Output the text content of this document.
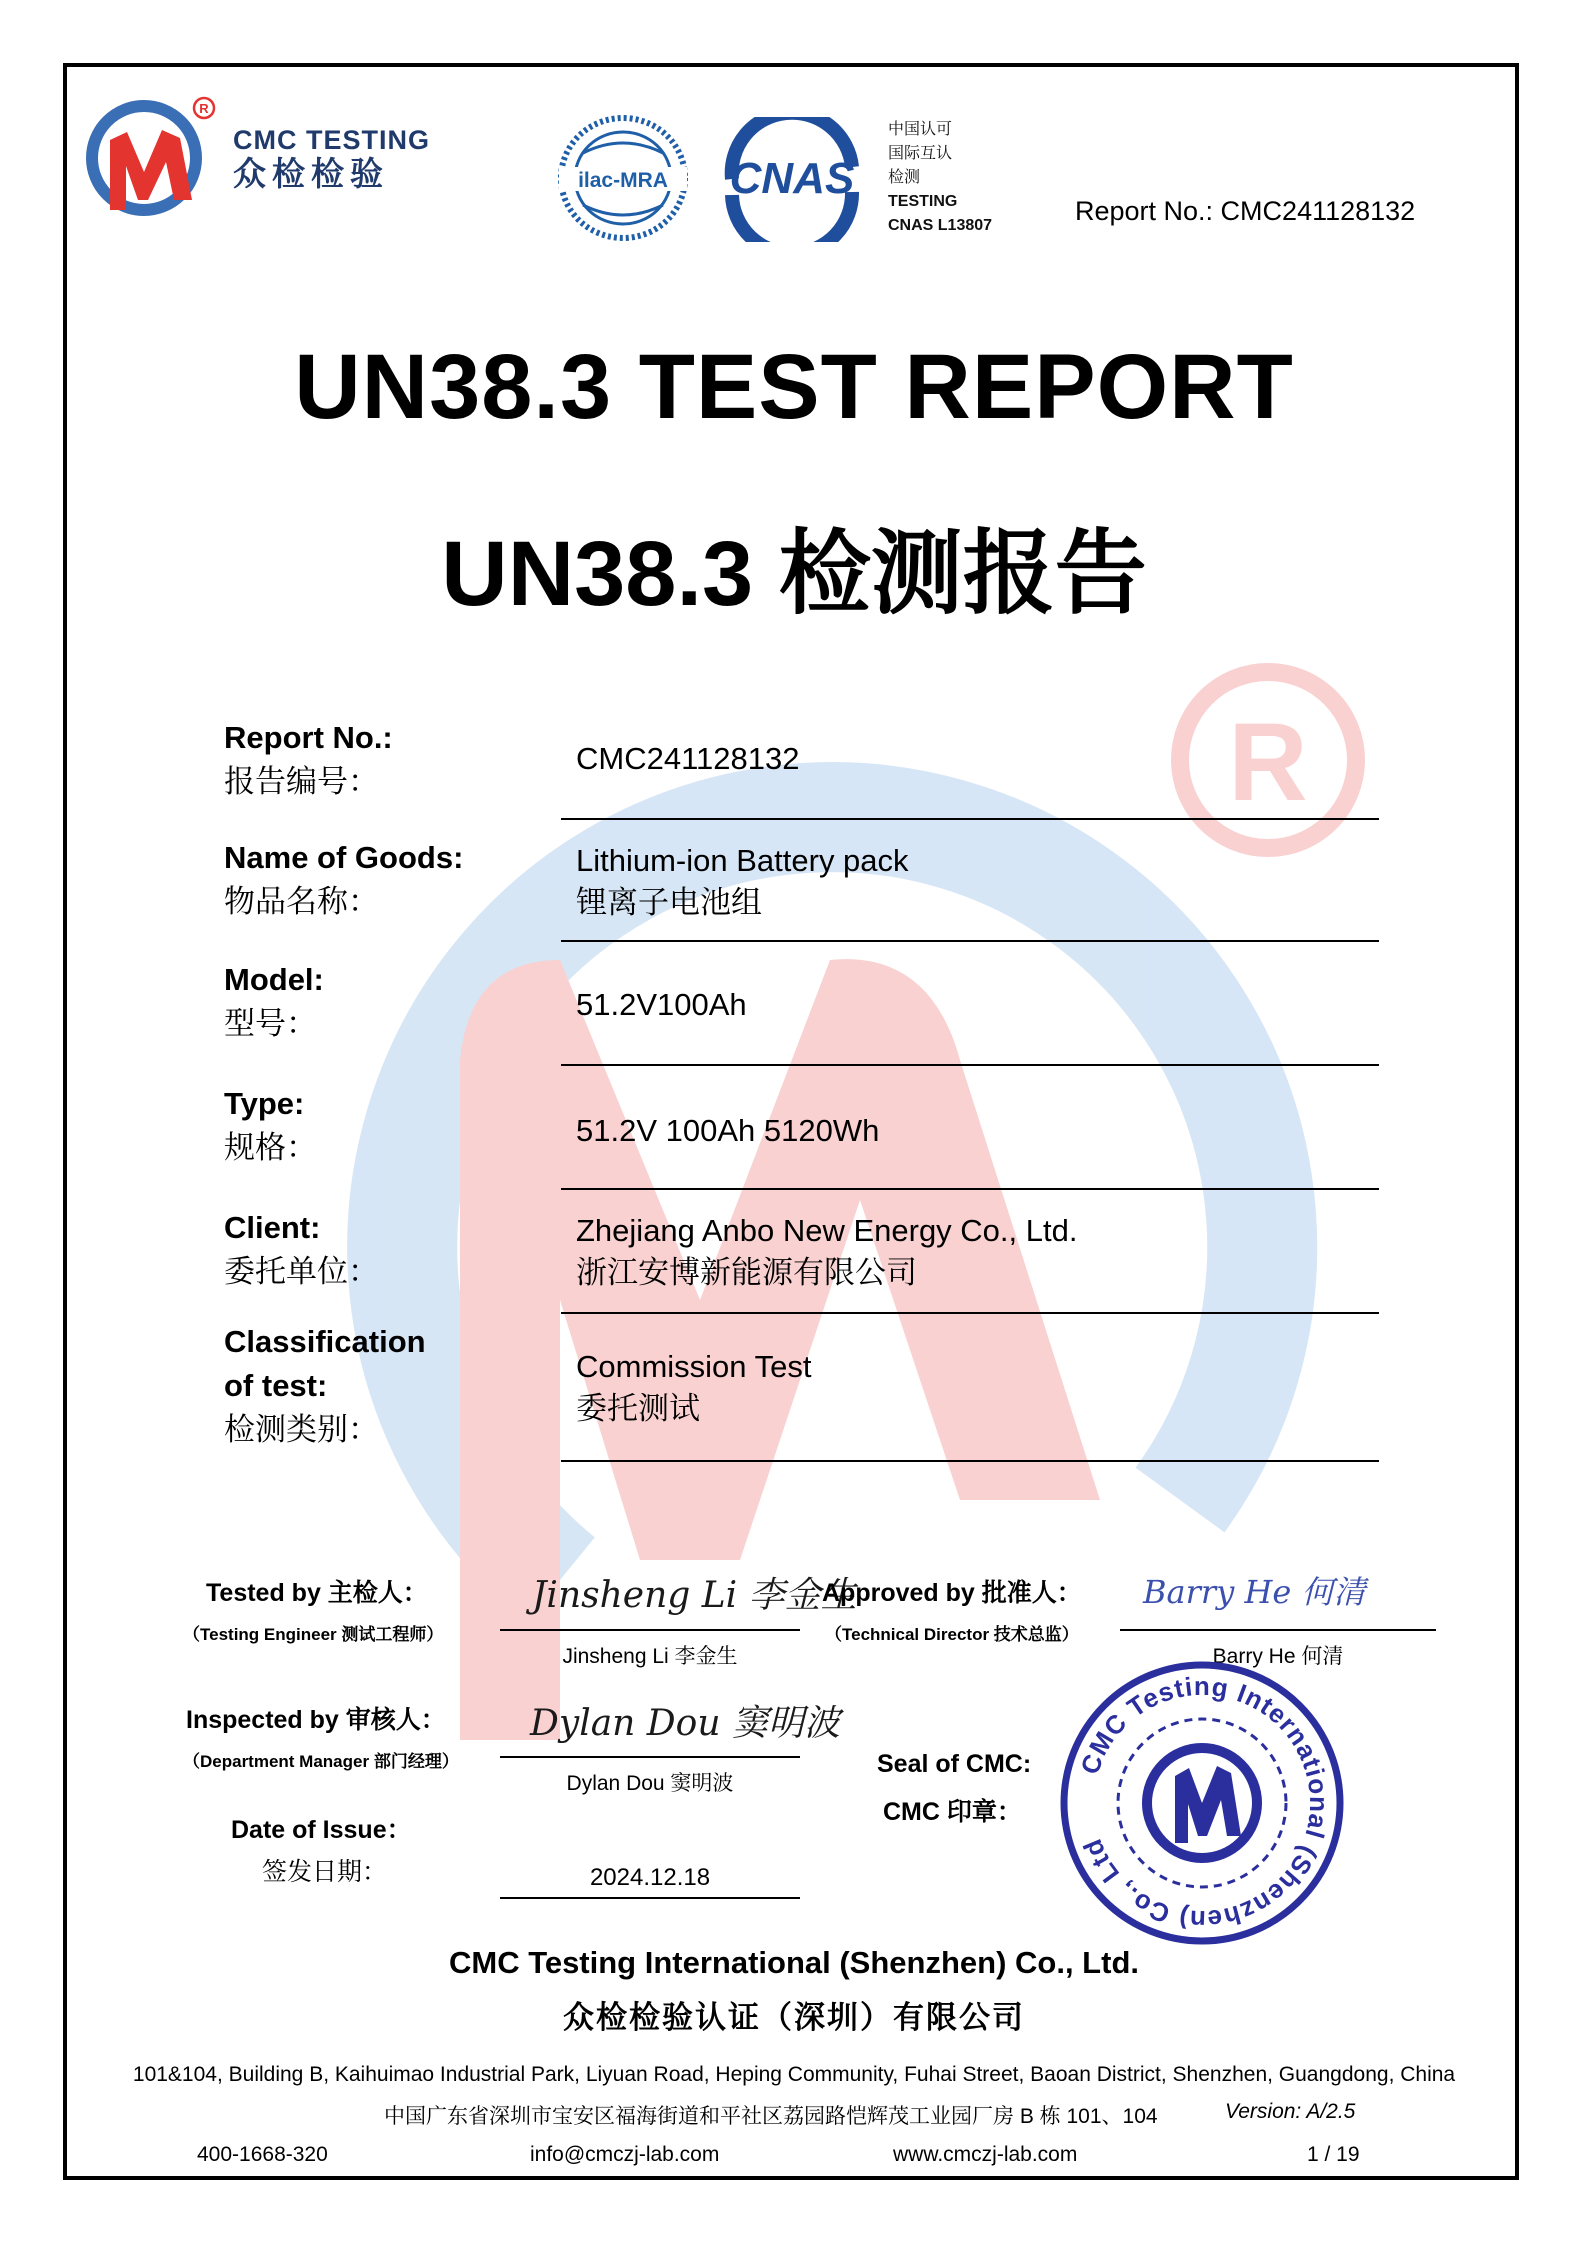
R
R
CMC TESTING
众检检验	ilac-MRA CNAS
中国认可
国际互认
检测
TESTING
CNAS L13807	Report No.: CMC241128132
UN38.3 TEST REPORT
UN38.3 检测报告
Report No.:
报告编号：
CMC241128132
Name of Goods:
物品名称：
Lithium-ion Battery pack
锂离子电池组
Model:
型号：
51.2V100Ah
Type:
规格：	51.2V 100Ah 5120Wh
Client:
委托单位：
Zhejiang Anbo New Energy Co., Ltd.
浙江安博新能源有限公司
Classification
of test:
检测类别：
Commission Test
委托测试
Tested by 主检人：
（Testing Engineer 测试工程师）
Jinsheng Li 李金生
Jinsheng Li 李金生
Approved by 批准人：
（Technical Director 技术总监）
Barry He 何清
Barry He 何清
Inspected by 审核人：
（Department Manager 部门经理）
Dylan Dou 窦明波
Dylan Dou 窦明波
Date of Issue：
签发日期：	2024.12.18
Seal of CMC:
CMC 印章：
CMC Testing International (Shenzhen) Co., Ltd
CMC Testing International (Shenzhen) Co., Ltd.
众检检验认证（深圳）有限公司
101&104, Building B, Kaihuimao Industrial Park, Liyuan Road, Heping Community, Fuhai Street, Baoan District, Shenzhen, Guangdong, China
中国广东省深圳市宝安区福海街道和平社区荔园路恺辉茂工业园厂房 B 栋 101、104	Version: A/2.5
400-1668-320	info@cmczj-lab.com	www.cmczj-lab.com	1 / 19
